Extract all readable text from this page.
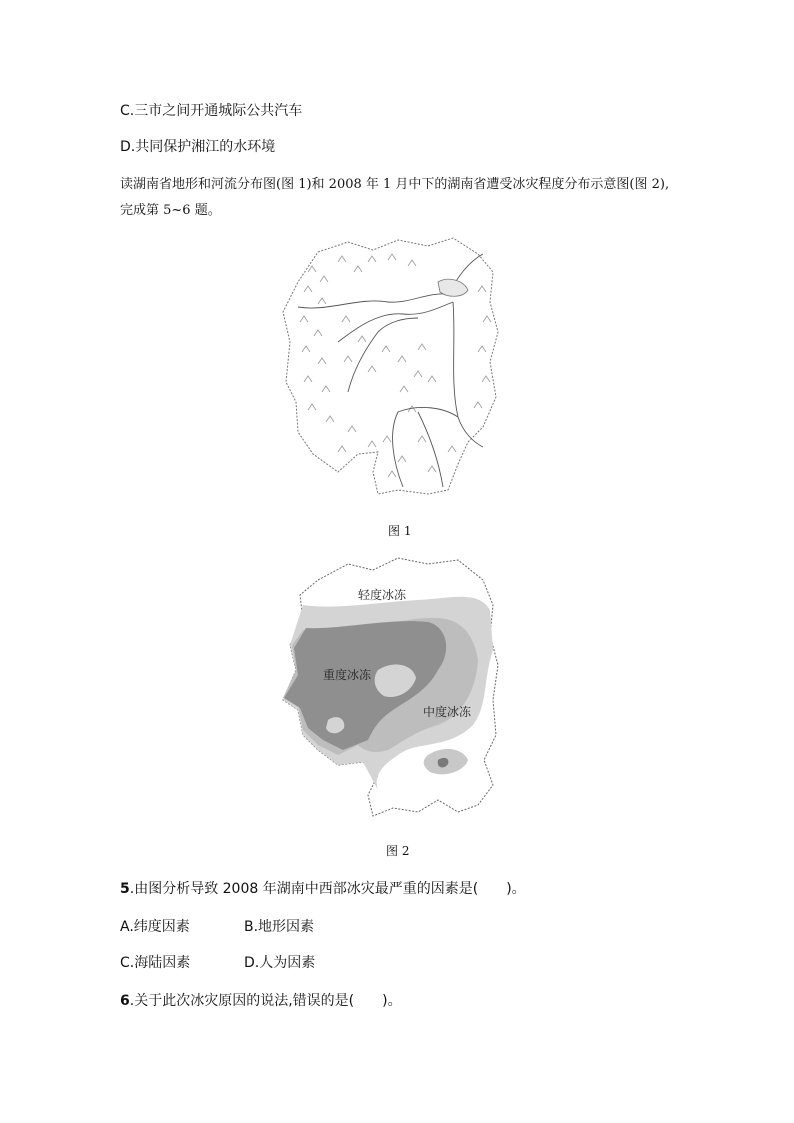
C.三市之间开通城际公共汽车
D.共同保护湘江的水环境
读湖南省地形和河流分布图(图 1)和 2008 年 1 月中下的湖南省遭受冰灾程度分布示意图(图 2),完成第 5~6 题。
图 1
轻度冰冻
重度冰冻
中度冰冻
图 2
5.由图分析导致 2008 年湖南中西部冰灾最严重的因素是(　　)。
A.纬度因素	B.地形因素
C.海陆因素	D.人为因素
6.关于此次冰灾原因的说法,错误的是(　　)。
